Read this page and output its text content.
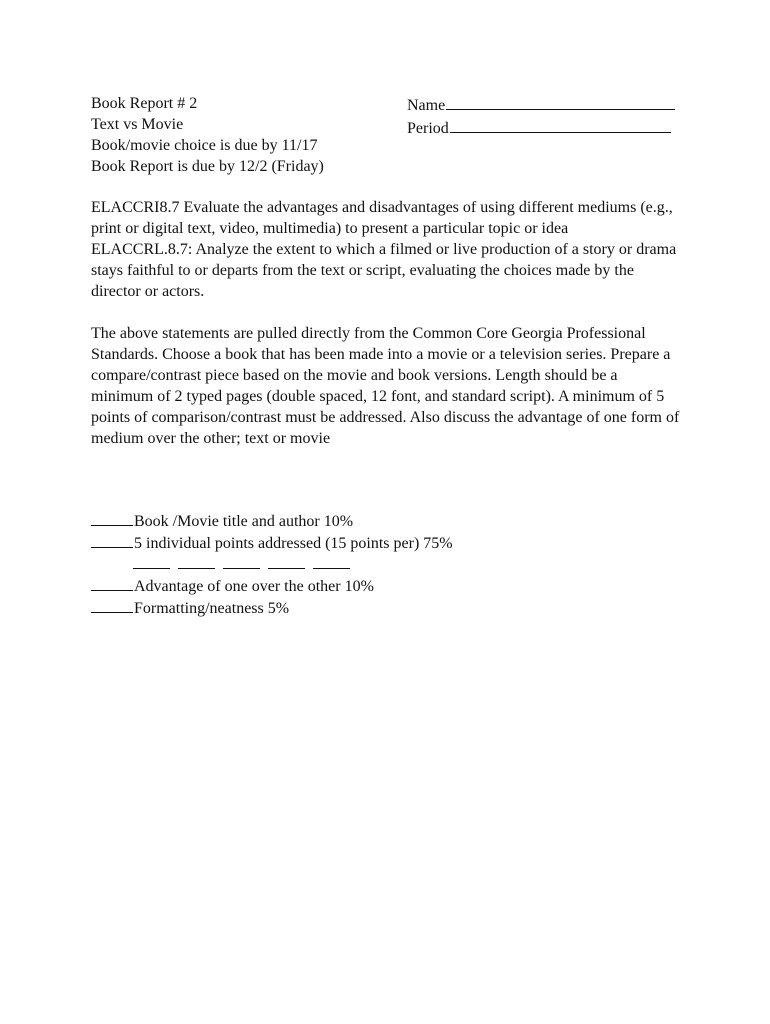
Book Report # 2
Text vs Movie
Book/movie choice is due by 11/17
Book Report is due by 12/2 (Friday)
Name
Period

ELACCRI8.7 Evaluate the advantages and disadvantages of using different mediums (e.g., print or digital text, video, multimedia) to present a particular topic or idea

ELACCRL.8.7: Analyze the extent to which a filmed or live production of a story or drama stays faithful to or departs from the text or script, evaluating the choices made by the director or actors.

The above statements are pulled directly from the Common Core Georgia Professional Standards. Choose a book that has been made into a movie or a television series. Prepare a compare/contrast piece based on the movie and book versions. Length should be a minimum of 2 typed pages (double spaced, 12 font, and standard script). A minimum of 5 points of comparison/contrast must be addressed. Also discuss the advantage of one form of medium over the other; text or movie

Book /Movie title and author 10%
5 individual points addressed (15 points per) 75%
Advantage of one over the other 10%
Formatting/neatness 5%
